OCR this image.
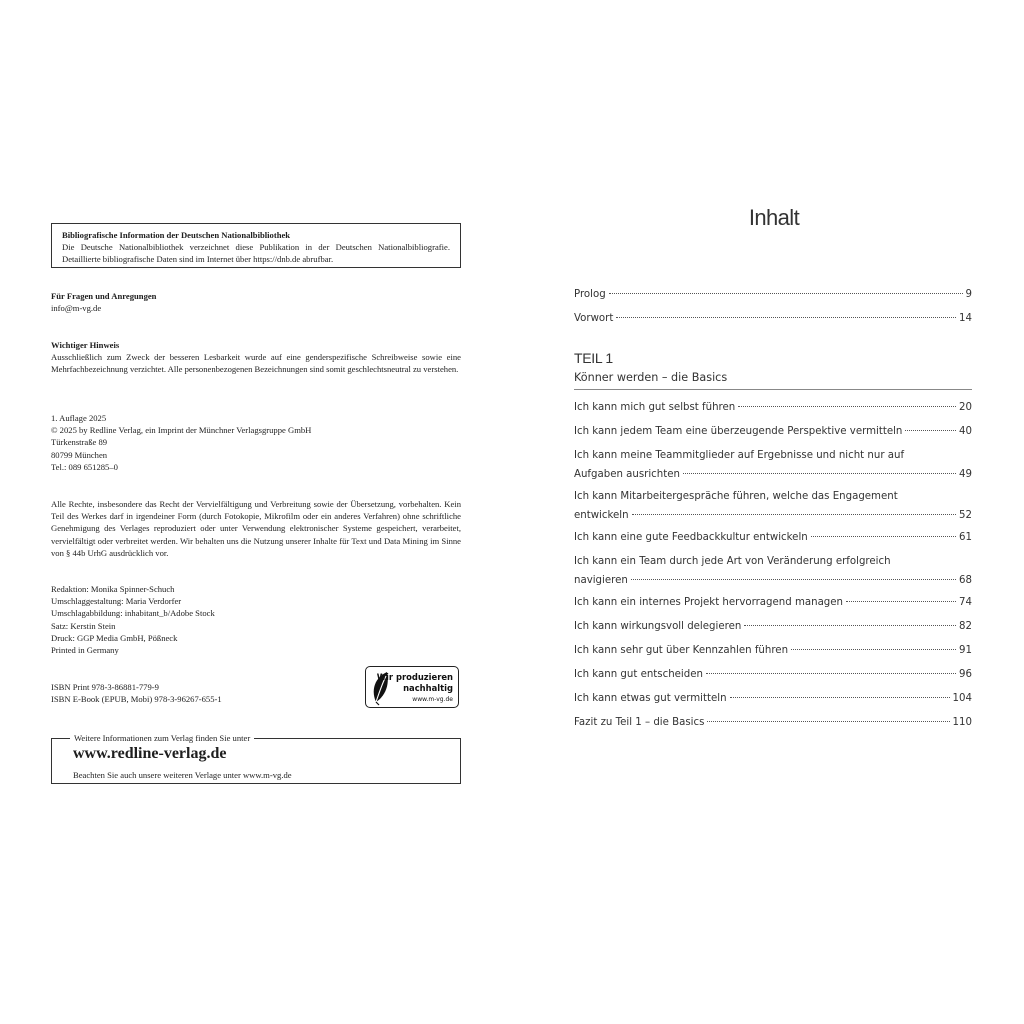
Bibliografische Information der Deutschen Nationalbibliothek
Die Deutsche Nationalbibliothek verzeichnet diese Publikation in der Deutschen Nationalbibliografie. Detaillierte bibliografische Daten sind im Internet über https://dnb.de abrufbar.
Für Fragen und Anregungen
info@m-vg.de
Wichtiger Hinweis
Ausschließlich zum Zweck der besseren Lesbarkeit wurde auf eine genderspezifische Schreibweise sowie eine Mehrfachbezeichnung verzichtet. Alle personenbezogenen Bezeichnungen sind somit geschlechtsneutral zu verstehen.
1. Auflage 2025
© 2025 by Redline Verlag, ein Imprint der Münchner Verlagsgruppe GmbH
Türkenstraße 89
80799 München
Tel.: 089 651285–0
Alle Rechte, insbesondere das Recht der Vervielfältigung und Verbreitung sowie der Übersetzung, vorbehalten. Kein Teil des Werkes darf in irgendeiner Form (durch Fotokopie, Mikrofilm oder ein anderes Verfahren) ohne schriftliche Genehmigung des Verlages reproduziert oder unter Verwendung elektronischer Systeme gespeichert, verarbeitet, vervielfältigt oder verbreitet werden. Wir behalten uns die Nutzung unserer Inhalte für Text und Data Mining im Sinne von § 44b UrhG ausdrücklich vor.
Redaktion: Monika Spinner-Schuch
Umschlaggestaltung: Maria Verdorfer
Umschlagabbildung: inhabitant_b/Adobe Stock
Satz: Kerstin Stein
Druck: GGP Media GmbH, Pößneck
Printed in Germany
ISBN Print 978-3-86881-779-9
ISBN E-Book (EPUB, Mobi) 978-3-96267-655-1
Wir produzieren
nachhaltig
www.m-vg.de
Weitere Informationen zum Verlag finden Sie unter
www.redline-verlag.de
Beachten Sie auch unsere weiteren Verlage unter www.m-vg.de
Inhalt
Prolog	9
Vorwort	14
TEIL 1
Könner werden – die Basics
Ich kann mich gut selbst führen	20
Ich kann jedem Team eine überzeugende Perspektive vermitteln	40
Ich kann meine Teammitglieder auf Ergebnisse und nicht nur auf
Aufgaben ausrichten	49
Ich kann Mitarbeitergespräche führen, welche das Engagement
entwickeln	52
Ich kann eine gute Feedbackkultur entwickeln	61
Ich kann ein Team durch jede Art von Veränderung erfolgreich
navigieren	68
Ich kann ein internes Projekt hervorragend managen	74
Ich kann wirkungsvoll delegieren	82
Ich kann sehr gut über Kennzahlen führen	91
Ich kann gut entscheiden	96
Ich kann etwas gut vermitteln	104
Fazit zu Teil 1 – die Basics	110
